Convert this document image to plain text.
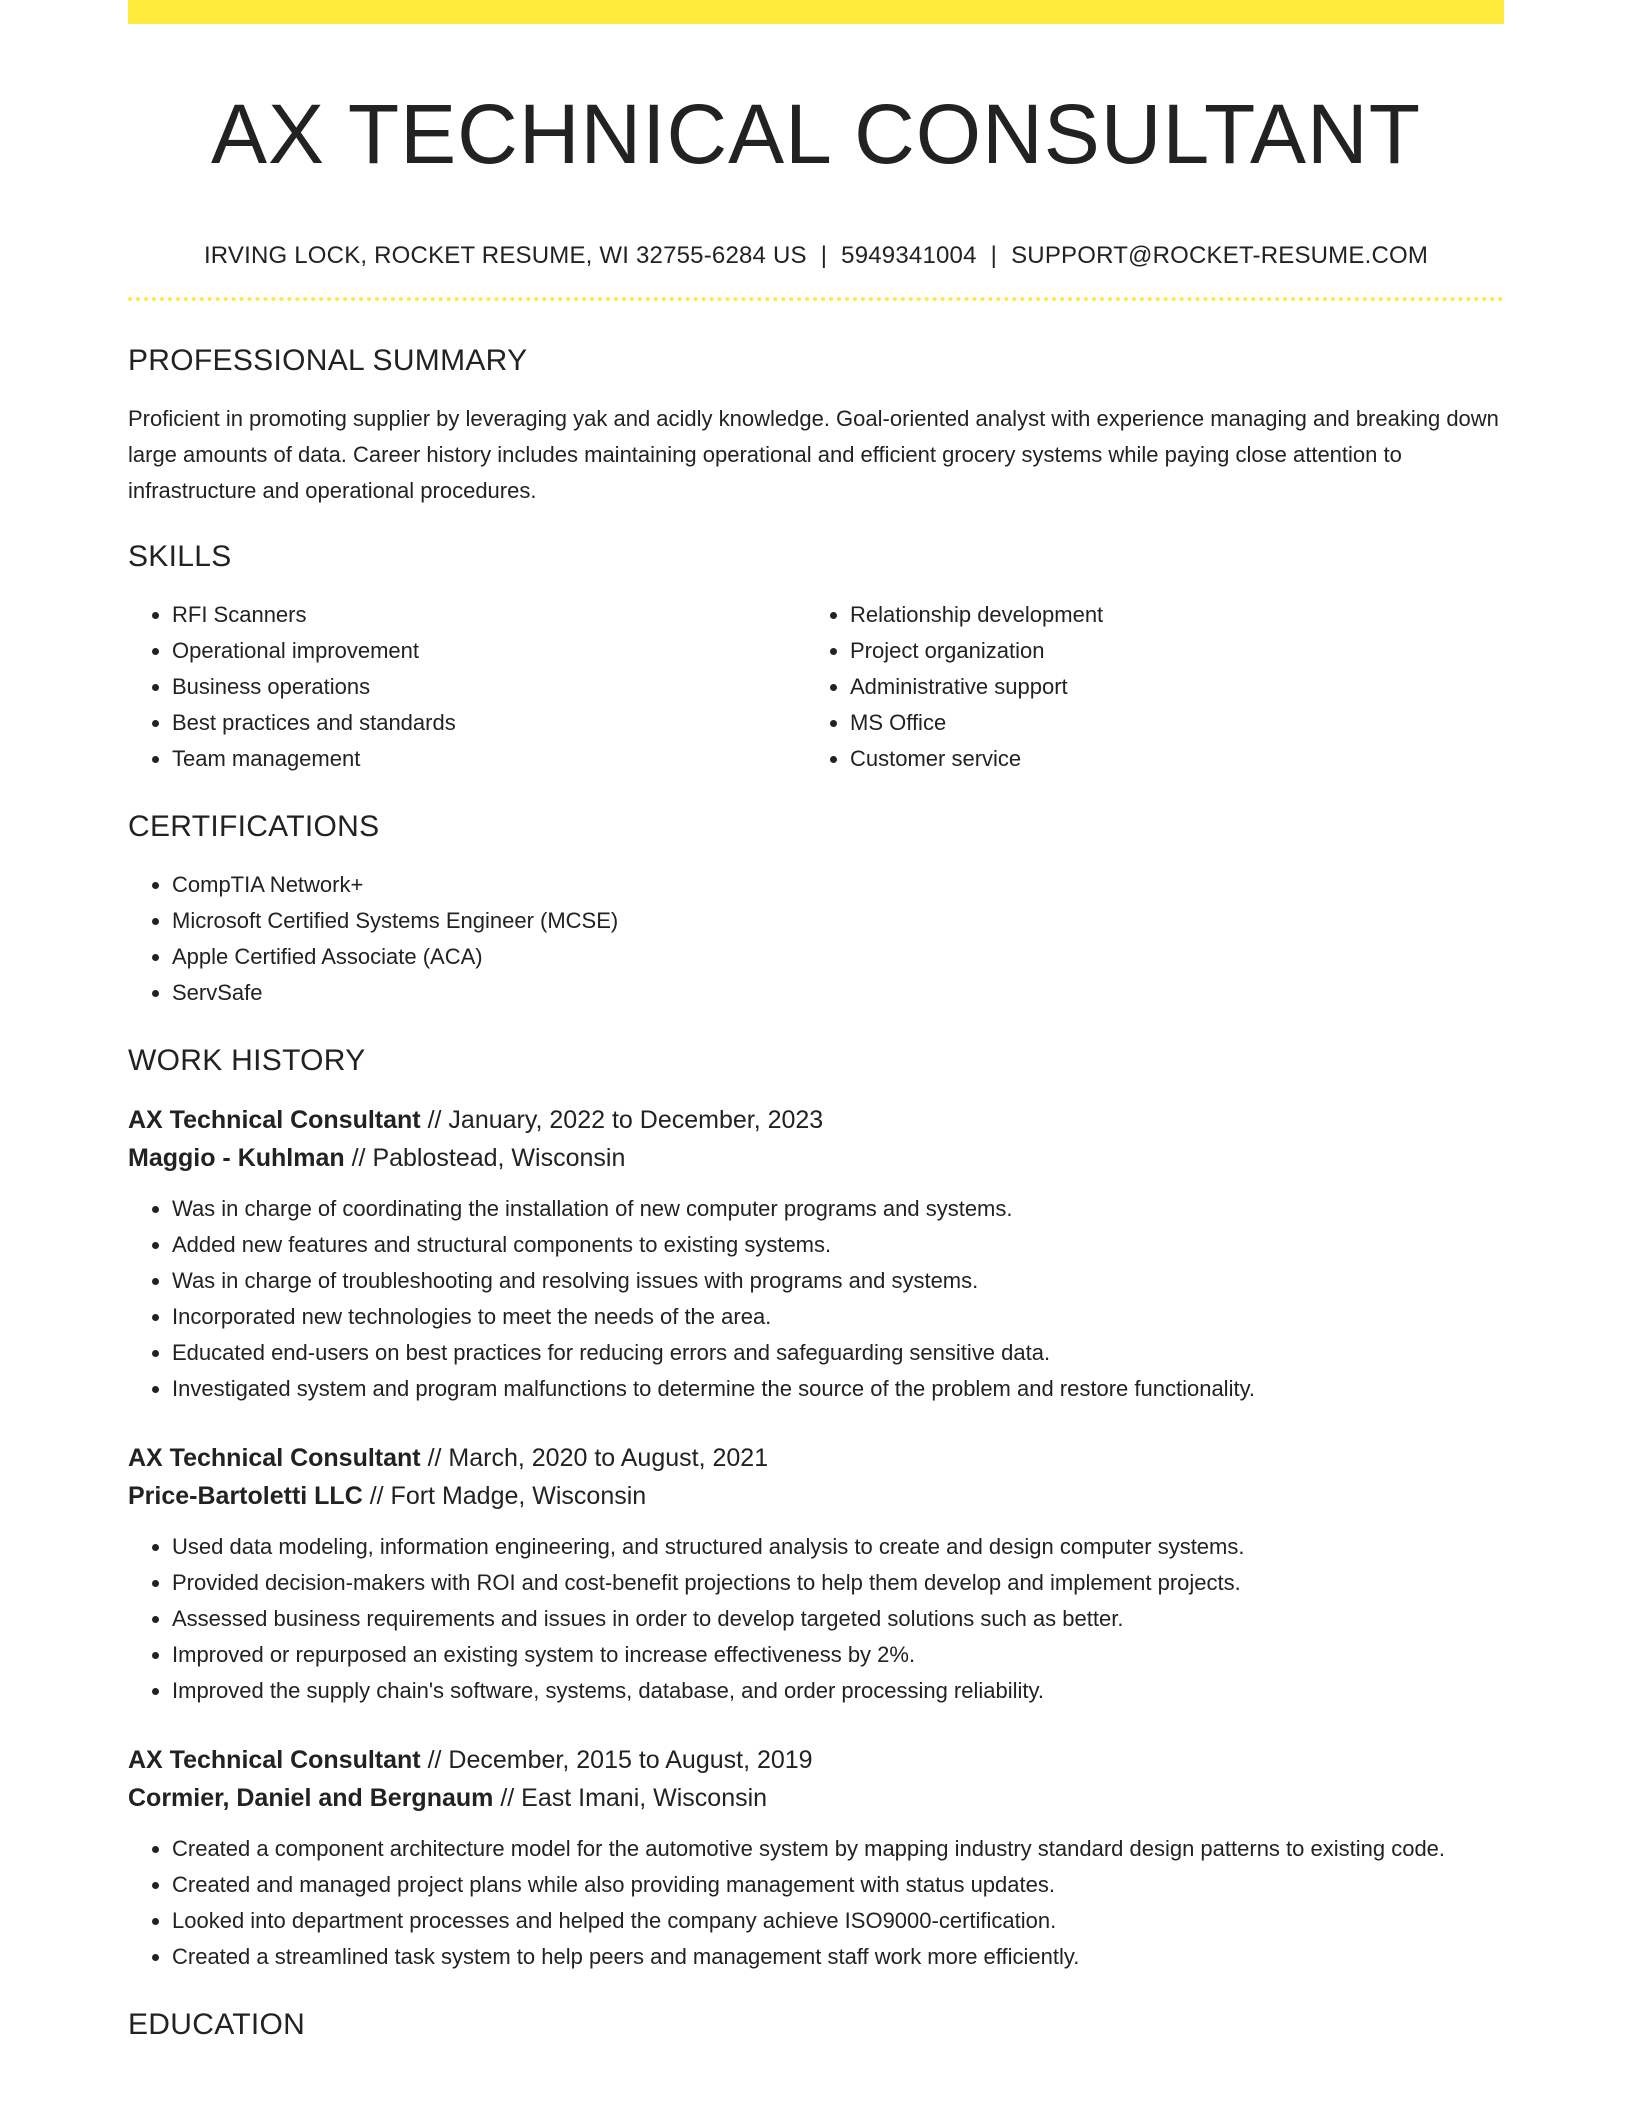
AX TECHNICAL CONSULTANT
IRVING LOCK, ROCKET RESUME, WI 32755-6284 US | 5949341004 | SUPPORT@ROCKET-RESUME.COM
PROFESSIONAL SUMMARY
Proficient in promoting supplier by leveraging yak and acidly knowledge. Goal-oriented analyst with experience managing and breaking down large amounts of data. Career history includes maintaining operational and efficient grocery systems while paying close attention to infrastructure and operational procedures.
SKILLS
• RFI Scanners
• Operational improvement
• Business operations
• Best practices and standards
• Team management
• Relationship development
• Project organization
• Administrative support
• MS Office
• Customer service
CERTIFICATIONS
• CompTIA Network+
• Microsoft Certified Systems Engineer (MCSE)
• Apple Certified Associate (ACA)
• ServSafe
WORK HISTORY
AX Technical Consultant // January, 2022 to December, 2023
Maggio - Kuhlman // Pablostead, Wisconsin
• Was in charge of coordinating the installation of new computer programs and systems.
• Added new features and structural components to existing systems.
• Was in charge of troubleshooting and resolving issues with programs and systems.
• Incorporated new technologies to meet the needs of the area.
• Educated end-users on best practices for reducing errors and safeguarding sensitive data.
• Investigated system and program malfunctions to determine the source of the problem and restore functionality.
AX Technical Consultant // March, 2020 to August, 2021
Price-Bartoletti LLC // Fort Madge, Wisconsin
• Used data modeling, information engineering, and structured analysis to create and design computer systems.
• Provided decision-makers with ROI and cost-benefit projections to help them develop and implement projects.
• Assessed business requirements and issues in order to develop targeted solutions such as better.
• Improved or repurposed an existing system to increase effectiveness by 2%.
• Improved the supply chain's software, systems, database, and order processing reliability.
AX Technical Consultant // December, 2015 to August, 2019
Cormier, Daniel and Bergnaum // East Imani, Wisconsin
• Created a component architecture model for the automotive system by mapping industry standard design patterns to existing code.
• Created and managed project plans while also providing management with status updates.
• Looked into department processes and helped the company achieve ISO9000-certification.
• Created a streamlined task system to help peers and management staff work more efficiently.
EDUCATION
